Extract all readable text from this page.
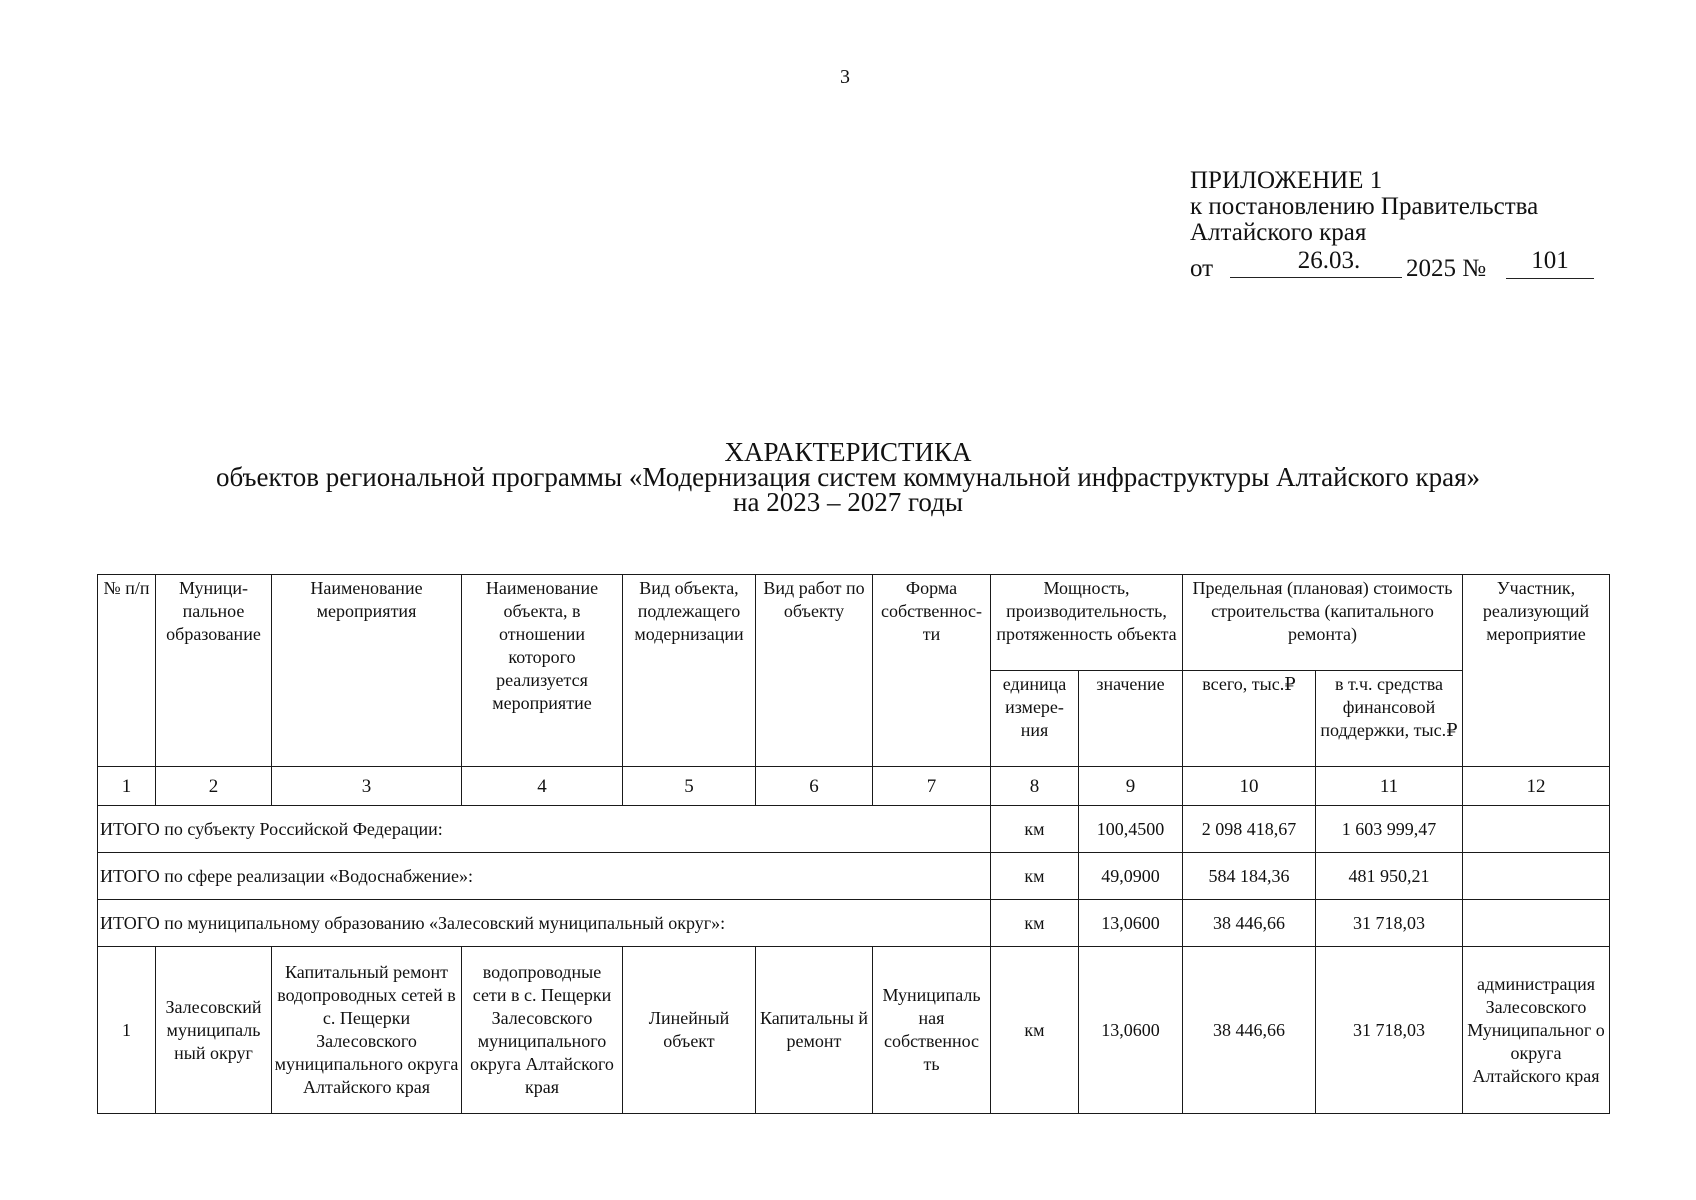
3
ПРИЛОЖЕНИЕ 1
к постановлению Правительства
Алтайского края
от	26.03.	2025 №	101
ХАРАКТЕРИСТИКА
объектов региональной программы «Модернизация систем коммунальной инфраструктуры Алтайского края»
на 2023 – 2027 годы
№ п/п	Муници-пальное образование	Наименование мероприятия	Наименование объекта, в отношении которого реализуется мероприятие	Вид объекта, подлежащего модернизации	Вид работ по объекту	Форма собственнос-ти	Мощность, производительность, протяженность объекта		Предельная (плановая) стоимость строительства (капитального ремонта)		Участник, реализующий мероприятие
							единица измере-ния	значение	всего, тыс.₽	в т.ч. средства финансовой поддержки, тыс.₽	
1	2	3	4	5	6	7	8	9	10	11	12
ИТОГО по субъекту Российской Федерации:							км	100,4500	2 098 418,67	1 603 999,47	
ИТОГО по сфере реализации «Водоснабжение»:							км	49,0900	584 184,36	481 950,21	
ИТОГО по муниципальному образованию «Залесовский муниципальный округ»:							км	13,0600	38 446,66	31 718,03	
1	Залесовский муниципаль ный округ	Капитальный ремонт водопроводных сетей в с. Пещерки Залесовского муниципального округа Алтайского края	водопроводные сети в с. Пещерки Залесовского муниципального округа Алтайского края	Линейный объект	Капитальны й ремонт	Муниципаль ная собственнос ть	км	13,0600	38 446,66	31 718,03	администрация Залесовского Муниципальног о округа Алтайского края
